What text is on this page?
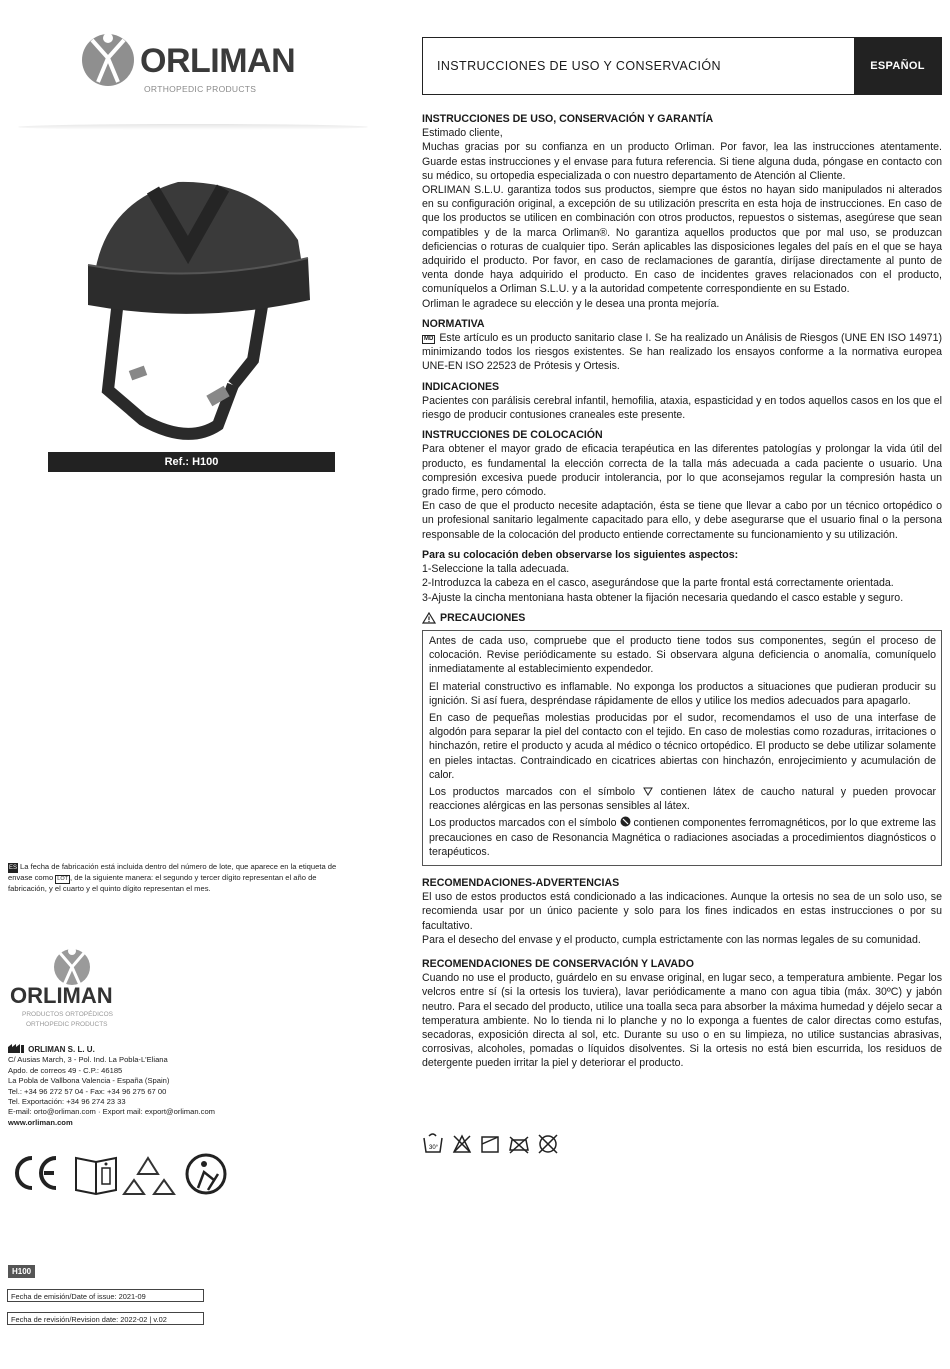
ORLIMAN
ORTHOPEDIC PRODUCTS
Ref.: H100
ES La fecha de fabricación está incluida dentro del número de lote, que aparece en la etiqueta de envase como LOT , de la siguiente manera: el segundo y tercer dígito representan el año de fabricación, y el cuarto y el quinto dígito representan el mes.
ORLIMAN
PRODUCTOS ORTOPÉDICOS
ORTHOPEDIC PRODUCTS
ORLIMAN S. L. U.
C/ Ausias March, 3 - Pol. Ind. La Pobla-L'Eliana
Apdo. de correos 49 - C.P.: 46185
La Pobla de Vallbona Valencia - España (Spain)
Tel.: +34 96 272 57 04 - Fax: +34 96 275 67 00
Tel. Exportación: +34 96 274 23 33
E-mail: orto@orliman.com · Export mail: export@orliman.com
www.orliman.com
H100
Fecha de emisión/Date of issue: 2021-09
Fecha de revisión/Revision date: 2022-02 | v.02
INSTRUCCIONES DE USO Y CONSERVACIÓN	ESPAÑOL
INSTRUCCIONES DE USO, CONSERVACIÓN Y GARANTÍA

Estimado cliente,

Muchas gracias por su confianza en un producto Orliman. Por favor, lea las instrucciones atentamente. Guarde estas instrucciones y el envase para futura referencia. Si tiene alguna duda, póngase en contacto con su médico, su ortopedia especializada o con nuestro departamento de Atención al Cliente.

ORLIMAN S.L.U. garantiza todos sus productos, siempre que éstos no hayan sido manipulados ni alterados en su configuración original, a excepción de su utilización prescrita en esta hoja de instrucciones. En caso de que los productos se utilicen en combinación con otros productos, repuestos o sistemas, asegúrese que sean compatibles y de la marca Orliman®. No garantiza aquellos productos que por mal uso, se produzcan deficiencias o roturas de cualquier tipo. Serán aplicables las disposiciones legales del país en el que se haya adquirido el producto. Por favor, en caso de reclamaciones de garantía, diríjase directamente al punto de venta donde haya adquirido el producto. En caso de incidentes graves relacionados con el producto, comuníquelos a Orliman S.L.U. y a la autoridad competente correspondiente en su Estado.

Orliman le agradece su elección y le desea una pronta mejoría.

NORMATIVA

MD Este artículo es un producto sanitario clase I. Se ha realizado un Análisis de Riesgos (UNE EN ISO 14971) minimizando todos los riesgos existentes. Se han realizado los ensayos conforme a la normativa europea UNE-EN ISO 22523 de Prótesis y Ortesis.

INDICACIONES

Pacientes con parálisis cerebral infantil, hemofilia, ataxia, espasticidad y en todos aquellos casos en los que el riesgo de producir contusiones craneales este presente.

INSTRUCCIONES DE COLOCACIÓN

Para obtener el mayor grado de eficacia terapéutica en las diferentes patologías y prolongar la vida útil del producto, es fundamental la elección correcta de la talla más adecuada a cada paciente o usuario. Una compresión excesiva puede producir intolerancia, por lo que aconsejamos regular la compresión hasta un grado firme, pero cómodo.

En caso de que el producto necesite adaptación, ésta se tiene que llevar a cabo por un técnico ortopédico o un profesional sanitario legalmente capacitado para ello, y debe asegurarse que el usuario final o la persona responsable de la colocación del producto entiende correctamente su funcionamiento y su utilización.

Para su colocación deben observarse los siguientes aspectos:

1-Seleccione la talla adecuada.

2-Introduzca la cabeza en el casco, asegurándose que la parte frontal está correctamente orientada.

3-Ajuste la cincha mentoniana hasta obtener la fijación necesaria quedando el casco estable y seguro.

PRECAUCIONES

Antes de cada uso, compruebe que el producto tiene todos sus componentes, según el proceso de colocación. Revise periódicamente su estado. Si observara alguna deficiencia o anomalía, comuníquelo inmediatamente al establecimiento expendedor.

El material constructivo es inflamable. No exponga los productos a situaciones que pudieran producir su ignición. Si así fuera, despréndase rápidamente de ellos y utilice los medios adecuados para apagarlo.

En caso de pequeñas molestias producidas por el sudor, recomendamos el uso de una interfase de algodón para separar la piel del contacto con el tejido. En caso de molestias como rozaduras, irritaciones o hinchazón, retire el producto y acuda al médico o técnico ortopédico. El producto se debe utilizar solamente en pieles intactas. Contraindicado en cicatrices abiertas con hinchazón, enrojecimiento y acumulación de calor.

Los productos marcados con el símbolo contienen látex de caucho natural y pueden provocar reacciones alérgicas en las personas sensibles al látex.

Los productos marcados con el símbolo contienen componentes ferromagnéticos, por lo que extreme las precauciones en caso de Resonancia Magnética o radiaciones asociadas a procedimientos diagnósticos o terapéuticos.

RECOMENDACIONES-ADVERTENCIAS

El uso de estos productos está condicionado a las indicaciones. Aunque la ortesis no sea de un solo uso, se recomienda usar por un único paciente y solo para los fines indicados en estas instrucciones o por su facultativo.

Para el desecho del envase y el producto, cumpla estrictamente con las normas legales de su comunidad.

RECOMENDACIONES DE CONSERVACIÓN Y LAVADO

Cuando no use el producto, guárdelo en su envase original, en lugar seco, a temperatura ambiente. Pegar los velcros entre sí (si la ortesis los tuviera), lavar periódicamente a mano con agua tibia (máx. 30ºC) y jabón neutro. Para el secado del producto, utilice una toalla seca para absorber la máxima humedad y déjelo secar a temperatura ambiente. No lo tienda ni lo planche y no lo exponga a fuentes de calor directas como estufas, secadoras, exposición directa al sol, etc. Durante su uso o en su limpieza, no utilice sustancias abrasivas, corrosivas, alcoholes, pomadas o líquidos disolventes. Si la ortesis no está bien escurrida, los residuos de detergente pueden irritar la piel y deteriorar el producto.

30°
